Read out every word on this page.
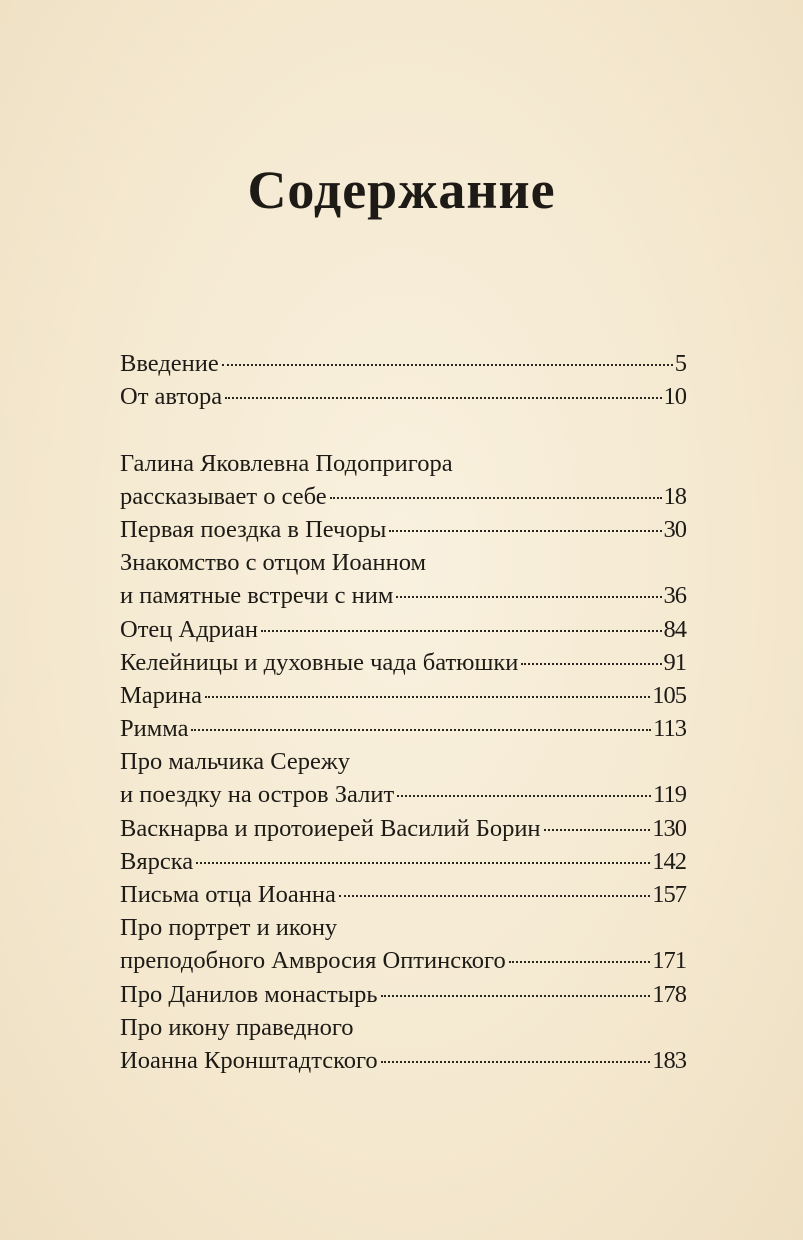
Содержание
Введение	5
От автора	10
Галина Яковлевна Подопригора
рассказывает о себе	18
Первая поездка в Печоры	30
Знакомство с отцом Иоанном
и памятные встречи с ним	36
Отец Адриан	84
Келейницы и духовные чада батюшки	91
Марина	105
Римма	113
Про мальчика Сережу
и поездку на остров Залит	119
Васкнарва и протоиерей Василий Борин	130
Вярска	142
Письма отца Иоанна	157
Про портрет и икону
преподобного Амвросия Оптинского	171
Про Данилов монастырь	178
Про икону праведного
Иоанна Кронштадтского	183
